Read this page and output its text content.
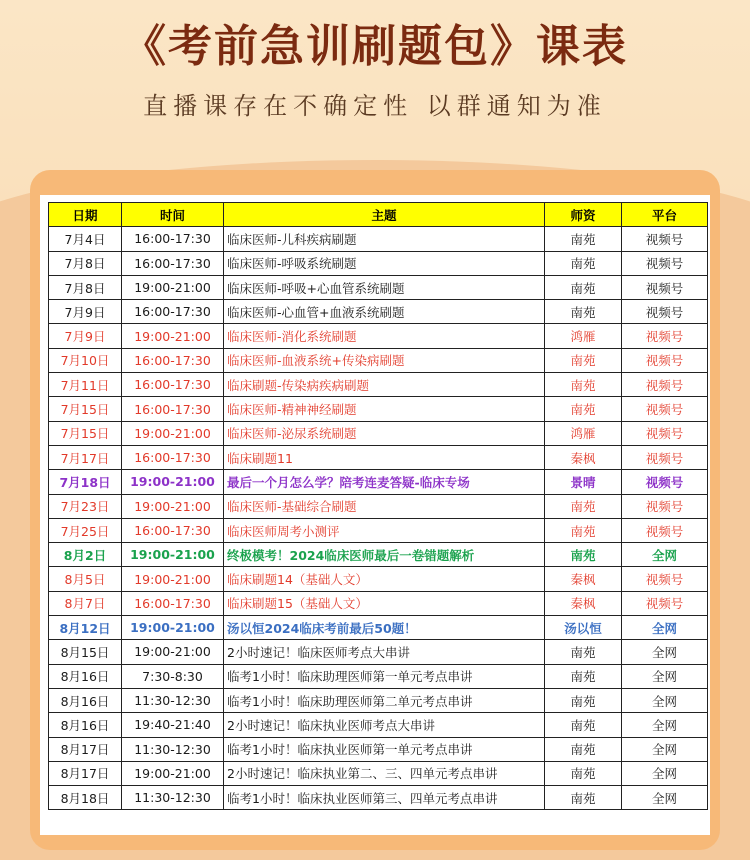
《考前急训刷题包》课表
直播课存在不确定性 以群通知为准
日期	时间	主题	师资	平台
7月4日	16:00-17:30	临床医师-儿科疾病刷题	南苑	视频号
7月8日	16:00-17:30	临床医师-呼吸系统刷题	南苑	视频号
7月8日	19:00-21:00	临床医师-呼吸+心血管系统刷题	南苑	视频号
7月9日	16:00-17:30	临床医师-心血管+血液系统刷题	南苑	视频号
7月9日	19:00-21:00	临床医师-消化系统刷题	鸿雁	视频号
7月10日	16:00-17:30	临床医师-血液系统+传染病刷题	南苑	视频号
7月11日	16:00-17:30	临床刷题-传染病疾病刷题	南苑	视频号
7月15日	16:00-17:30	临床医师-精神神经刷题	南苑	视频号
7月15日	19:00-21:00	临床医师-泌尿系统刷题	鸿雁	视频号
7月17日	16:00-17:30	临床刷题11	秦枫	视频号
7月18日	19:00-21:00	最后一个月怎么学？陪考连麦答疑-临床专场	景晴	视频号
7月23日	19:00-21:00	临床医师-基础综合刷题	南苑	视频号
7月25日	16:00-17:30	临床医师周考小测评	南苑	视频号
8月2日	19:00-21:00	终极模考！2024临床医师最后一卷错题解析	南苑	全网
8月5日	19:00-21:00	临床刷题14（基础人文）	秦枫	视频号
8月7日	16:00-17:30	临床刷题15（基础人文）	秦枫	视频号
8月12日	19:00-21:00	汤以恒2024临床考前最后50题！	汤以恒	全网
8月15日	19:00-21:00	2小时速记！临床医师考点大串讲	南苑	全网
8月16日	7:30-8:30	临考1小时！临床助理医师第一单元考点串讲	南苑	全网
8月16日	11:30-12:30	临考1小时！临床助理医师第二单元考点串讲	南苑	全网
8月16日	19:40-21:40	2小时速记！临床执业医师考点大串讲	南苑	全网
8月17日	11:30-12:30	临考1小时！临床执业医师第一单元考点串讲	南苑	全网
8月17日	19:00-21:00	2小时速记！临床执业第二、三、四单元考点串讲	南苑	全网
8月18日	11:30-12:30	临考1小时！临床执业医师第三、四单元考点串讲	南苑	全网
